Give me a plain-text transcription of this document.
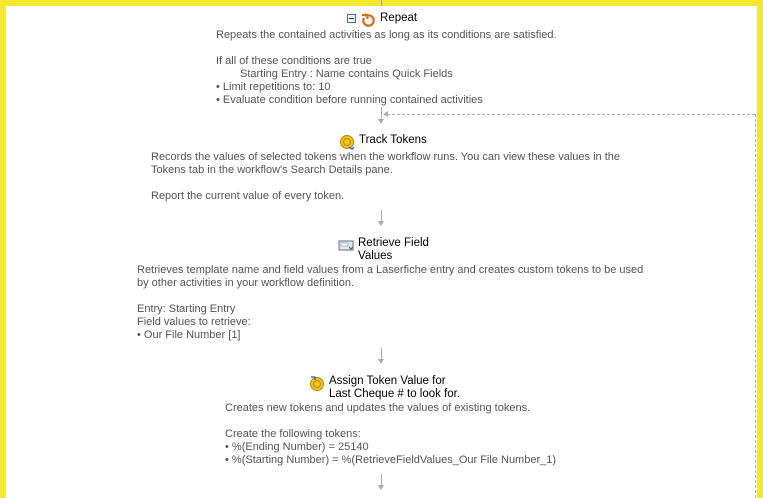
Repeat
Repeats the contained activities as long as its conditions are satisfied.
If all of these conditions are true
Starting Entry : Name contains Quick Fields
• Limit repetitions to: 10
• Evaluate condition before running contained activities
Track Tokens
Records the values of selected tokens when the workflow runs. You can view these values in the
Tokens tab in the workflow's Search Details pane.
Report the current value of every token.
Retrieve Field
Values
Retrieves template name and field values from a Laserfiche entry and creates custom tokens to be used
by other activities in your workflow definition.
Entry: Starting Entry
Field values to retrieve:
• Our File Number [1]
Assign Token Value for
Last Cheque # to look for.
Creates new tokens and updates the values of existing tokens.
Create the following tokens:
• %(Ending Number) = 25140
• %(Starting Number) = %(RetrieveFieldValues_Our File Number_1)
